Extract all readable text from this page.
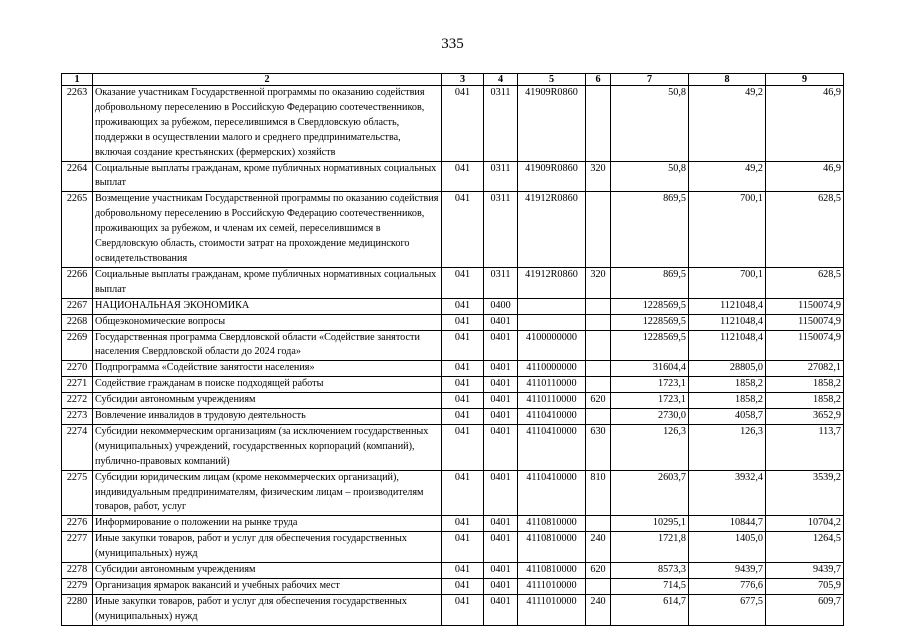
335
1	2	3	4	5	6	7	8	9
2263	Оказание участникам Государственной программы по оказанию содействия добровольному переселению в Российскую Федерацию соотечественников, проживающих за рубежом, переселившимся в Свердловскую область, поддержки в осуществлении малого и среднего предпринимательства, включая создание крестьянских (фермерских) хозяйств	041	0311	41909R0860		50,8	49,2	46,9
2264	Социальные выплаты гражданам, кроме публичных нормативных социальных выплат	041	0311	41909R0860	320	50,8	49,2	46,9
2265	Возмещение участникам Государственной программы по оказанию содействия добровольному переселению в Российскую Федерацию соотечественников, проживающих за рубежом, и членам их семей, переселившимся в Свердловскую область, стоимости затрат на прохождение медицинского освидетельствования	041	0311	41912R0860		869,5	700,1	628,5
2266	Социальные выплаты гражданам, кроме публичных нормативных социальных выплат	041	0311	41912R0860	320	869,5	700,1	628,5
2267	НАЦИОНАЛЬНАЯ ЭКОНОМИКА	041	0400			1228569,5	1121048,4	1150074,9
2268	Общеэкономические вопросы	041	0401			1228569,5	1121048,4	1150074,9
2269	Государственная программа Свердловской области «Содействие занятости населения Свердловской области до 2024 года»	041	0401	4100000000		1228569,5	1121048,4	1150074,9
2270	Подпрограмма «Содействие занятости населения»	041	0401	4110000000		31604,4	28805,0	27082,1
2271	Содействие гражданам в поиске подходящей работы	041	0401	4110110000		1723,1	1858,2	1858,2
2272	Субсидии автономным учреждениям	041	0401	4110110000	620	1723,1	1858,2	1858,2
2273	Вовлечение инвалидов в трудовую деятельность	041	0401	4110410000		2730,0	4058,7	3652,9
2274	Субсидии некоммерческим организациям (за исключением государственных (муниципальных) учреждений, государственных корпораций (компаний), публично-правовых компаний)	041	0401	4110410000	630	126,3	126,3	113,7
2275	Субсидии юридическим лицам (кроме некоммерческих организаций), индивидуальным предпринимателям, физическим лицам – производителям товаров, работ, услуг	041	0401	4110410000	810	2603,7	3932,4	3539,2
2276	Информирование о положении на рынке труда	041	0401	4110810000		10295,1	10844,7	10704,2
2277	Иные закупки товаров, работ и услуг для обеспечения государственных (муниципальных) нужд	041	0401	4110810000	240	1721,8	1405,0	1264,5
2278	Субсидии автономным учреждениям	041	0401	4110810000	620	8573,3	9439,7	9439,7
2279	Организация ярмарок вакансий и учебных рабочих мест	041	0401	4111010000		714,5	776,6	705,9
2280	Иные закупки товаров, работ и услуг для обеспечения государственных (муниципальных) нужд	041	0401	4111010000	240	614,7	677,5	609,7
